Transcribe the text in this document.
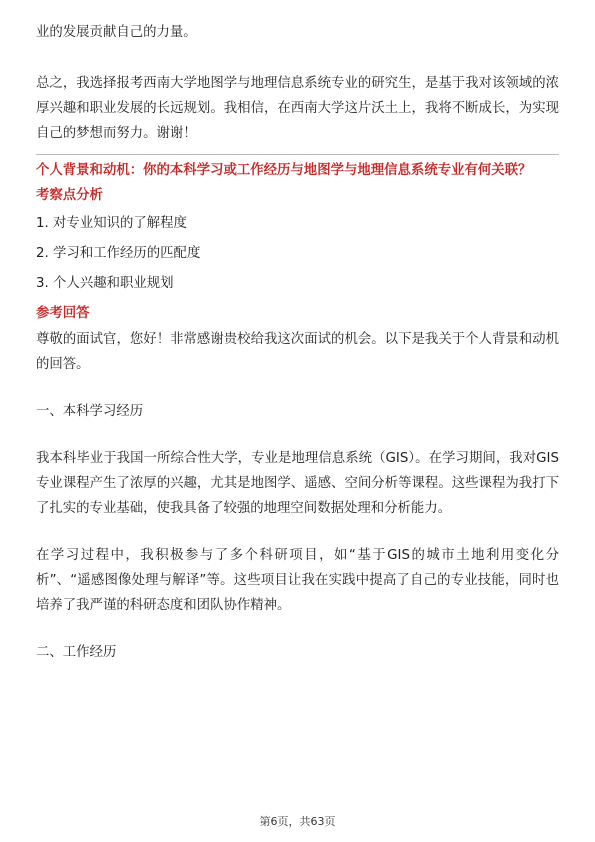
业的发展贡献自己的力量。

总之，我选择报考西南大学地图学与地理信息系统专业的研究生，是基于我对该领域的浓厚兴趣和职业发展的长远规划。我相信，在西南大学这片沃土上，我将不断成长，为实现自己的梦想而努力。谢谢！

个人背景和动机：你的本科学习或工作经历与地图学与地理信息系统专业有何关联？

考察点分析

1. 对专业知识的了解程度

2. 学习和工作经历的匹配度

3. 个人兴趣和职业规划

参考回答

尊敬的面试官，您好！非常感谢贵校给我这次面试的机会。以下是我关于个人背景和动机的回答。

一、本科学习经历

我本科毕业于我国一所综合性大学，专业是地理信息系统（GIS）。在学习期间，我对GIS专业课程产生了浓厚的兴趣，尤其是地图学、遥感、空间分析等课程。这些课程为我打下了扎实的专业基础，使我具备了较强的地理空间数据处理和分析能力。

在学习过程中，我积极参与了多个科研项目，如“基于GIS的城市土地利用变化分析”、“遥感图像处理与解译”等。这些项目让我在实践中提高了自己的专业技能，同时也培养了我严谨的科研态度和团队协作精神。

二、工作经历

第6页，共63页
